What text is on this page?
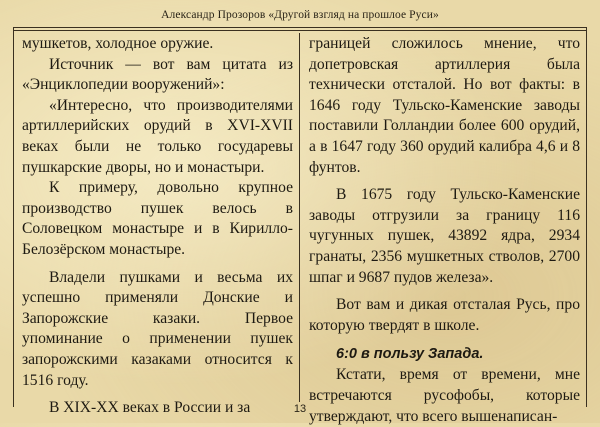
Александр Прозоров «Другой взгляд на прошлое Руси»

мушкетов, холодное оружие.

Источник — вот вам цитата из «Энциклопедии вооружений»:

«Интересно, что производителями артиллерийских орудий в XVI-XVII веках были не только государевы пушкарские дворы, но и монастыри.

К примеру, довольно крупное производство пушек велось в Соловецком монастыре и в Кирилло-Белозёрском монастыре.

Владели пушками и весьма их успешно применяли Донские и Запорожские казаки. Первое упоминание о применении пушек запорожскими казаками относится к 1516 году.

В XIX-XX веках в России и за

границей сложилось мнение, что допетровская артиллерия была технически отсталой. Но вот факты: в 1646 году Тульско-Каменские заводы поставили Голландии более 600 орудий, а в 1647 году 360 орудий калибра 4,6 и 8 фунтов.

В 1675 году Тульско-Каменские заводы отгрузили за границу 116 чугунных пушек, 43892 ядра, 2934 гранаты, 2356 мушкетных стволов, 2700 шпаг и 9687 пудов железа».

Вот вам и дикая отсталая Русь, про которую твердят в школе.

6:0 в пользу Запада.

Кстати, время от времени, мне встречаются русофобы, которые утверждают, что всего вышенаписан-

13
